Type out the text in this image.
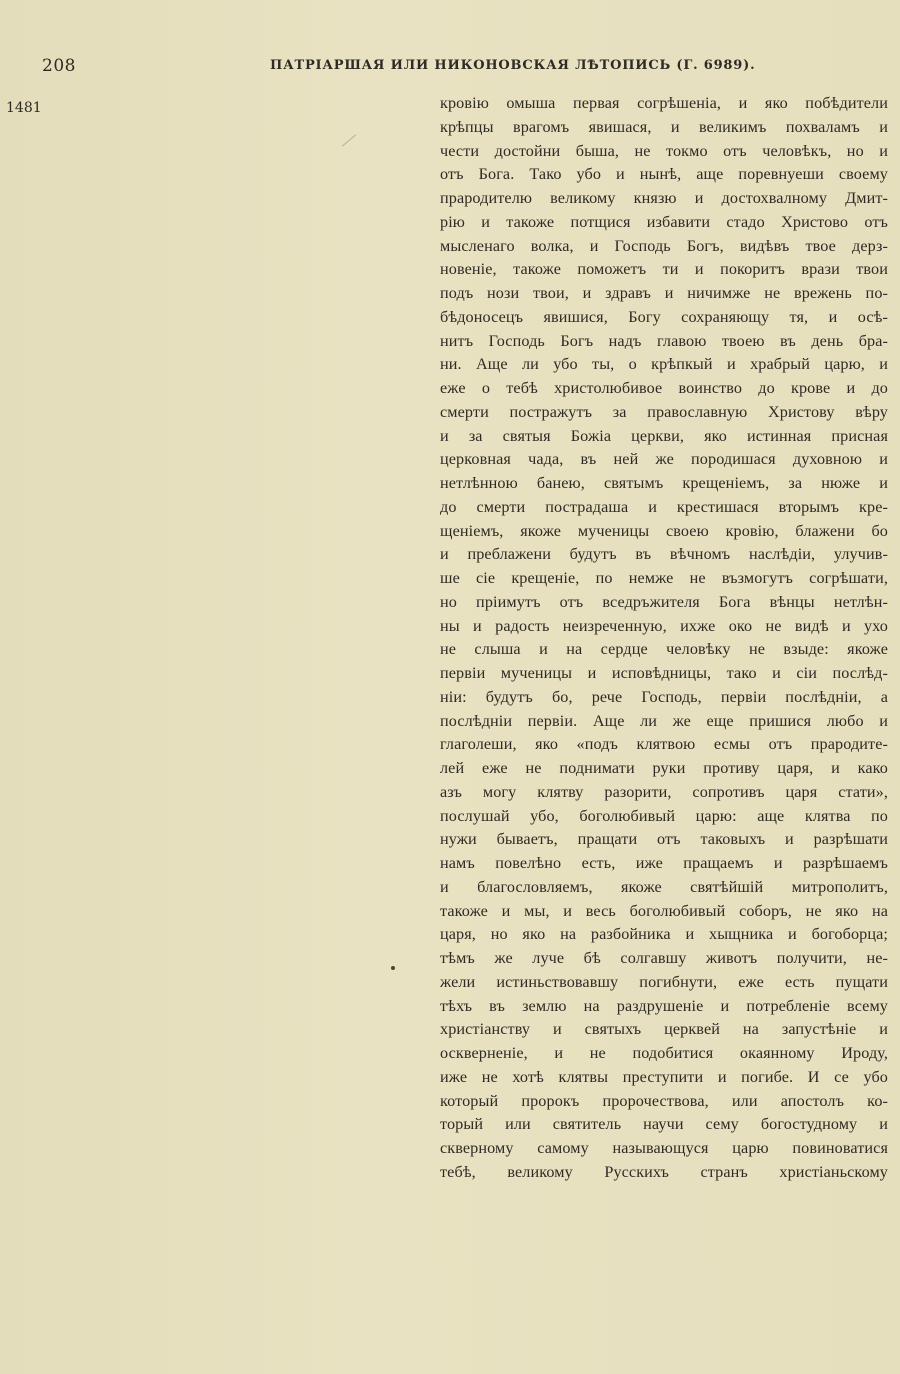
208	ПАТРІАРШАЯ ИЛИ НИКОНОВСКАЯ ЛѢТОПИСЬ (Г. 6989).
1481	кровію омыша первая согрѣшеніа, и яко побѣдители
крѣпцы врагомъ явишася, и великимъ похваламъ и
чести достойни быша, не токмо отъ человѣкъ, но и
отъ Бога. Тако убо и нынѣ, аще поревнуеши своему
прародителю великому князю и достохвалному Дмит-
рію и такоже потщися избавити стадо Христово отъ
мысленаго волка, и Господь Богъ, видѣвъ твое дерз-
новеніе, такоже поможетъ ти и покоритъ врази твои
подъ нози твои, и здравъ и ничимже не врежень по-
бѣдоносецъ явишися, Богу сохраняющу тя, и осѣ-
нитъ Господь Богъ надъ главою твоею въ день бра-
ни. Аще ли убо ты, о крѣпкый и храбрый царю, и
еже о тебѣ христолюбивое воинство до крове и до
смерти постражутъ за православную Христову вѣру
и за святыя Божіа церкви, яко истинная присная
церковная чада, въ ней же породишася духовною и
нетлѣнною банею, святымъ крещеніемъ, за нюже и
до смерти пострадаша и крестишася вторымъ кре-
щеніемъ, якоже мученицы своею кровію, блажени бо
и преблажени будутъ въ вѣчномъ наслѣдіи, улучив-
ше сіе крещеніе, по немже не възмогутъ согрѣшати,
но пріимутъ отъ вседръжителя Бога вѣнцы нетлѣн-
ны и радость неизреченную, ихже око не видѣ и ухо
не слыша и на сердце человѣку не взыде: якоже
первіи мученицы и исповѣдницы, тако и сіи послѣд-
ніи: будутъ бо, рече Господь, первіи послѣдніи, а
послѣдніи первіи. Аще ли же еще пришися любо и
глаголеши, яко «подъ клятвою есмы отъ прародите-
лей еже не поднимати руки противу царя, и како
азъ могу клятву разорити, сопротивъ царя стати»,
послушай убо, боголюбивый царю: аще клятва по
нужи бываетъ, пращати отъ таковыхъ и разрѣшати
намъ повелѣно есть, иже пращаемъ и разрѣшаемъ
и благословляемъ, якоже святѣйшій митрополитъ,
такоже и мы, и весь боголюбивый соборъ, не яко на
царя, но яко на разбойника и хыщника и богоборца;
тѣмъ же луче бѣ солгавшу животъ получити, не-
жели истиньствовавшу погибнути, еже есть пущати
тѣхъ въ землю на раздрушеніе и потребленіе всему
христіанству и святыхъ церквей на запустѣніе и
оскверненіе, и не подобитися окаянному Ироду,
иже не хотѣ клятвы преступити и погибе. И се убо
который пророкъ пророчествова, или апостолъ ко-
торый или святитель научи сему богостудному и
скверному самому называющуся царю повиноватися
тебѣ, великому Русскихъ странъ христіаньскому
